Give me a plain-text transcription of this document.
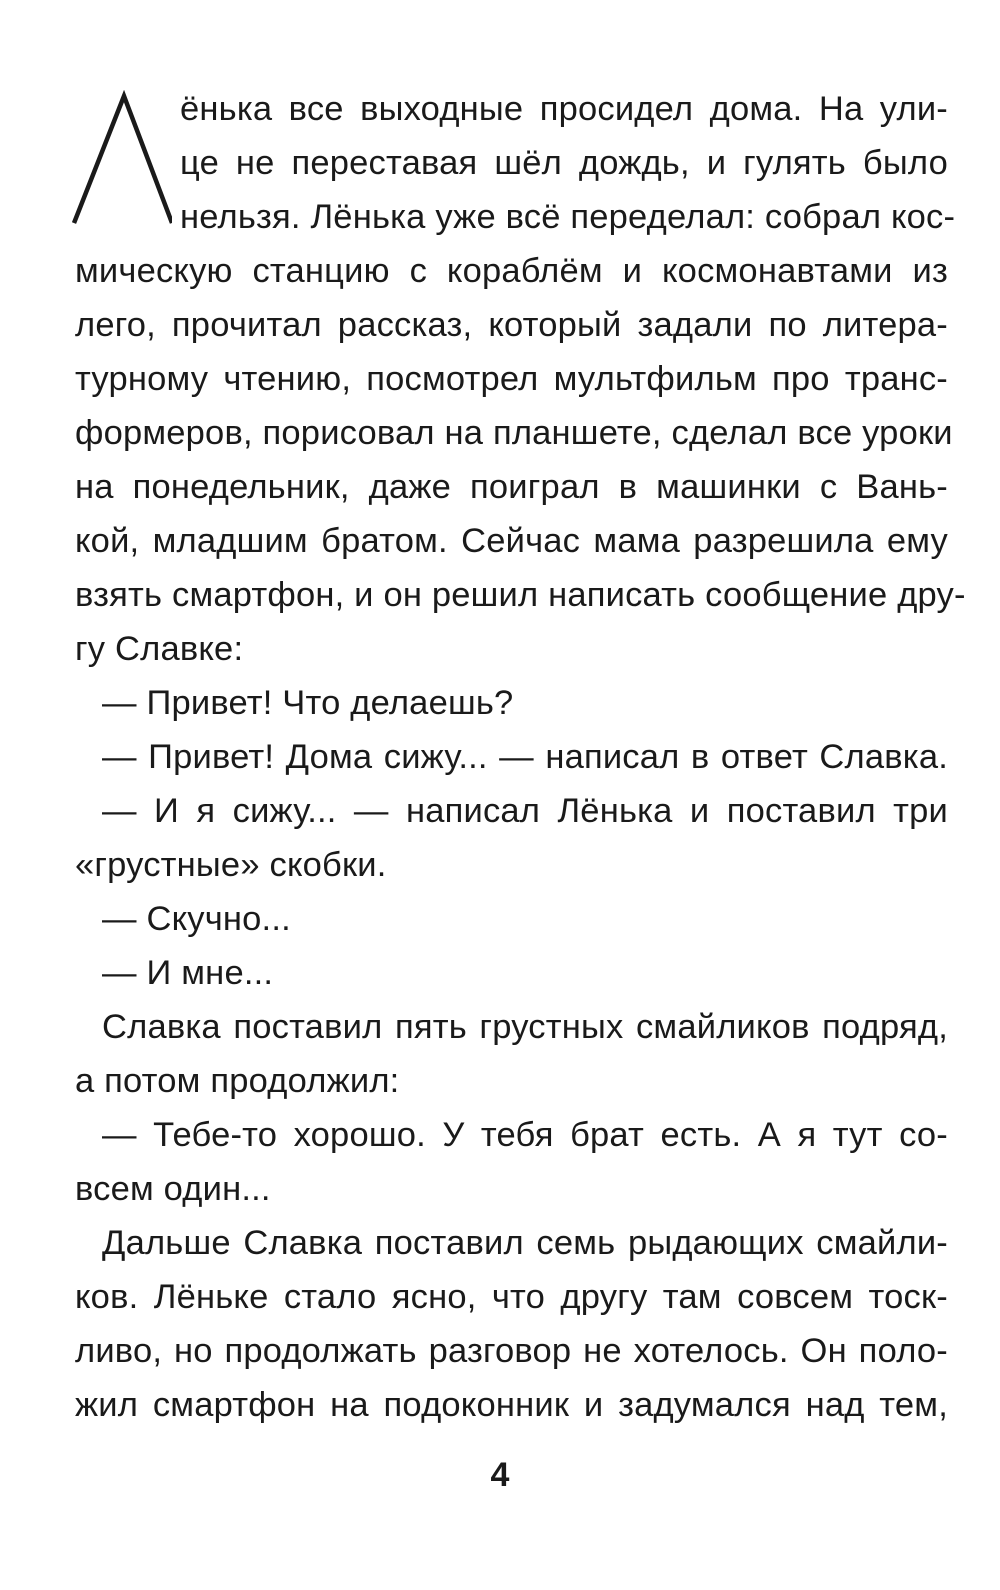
ёнька все выходные просидел дома. На ули-
це не переставая шёл дождь, и гулять было
нельзя. Лёнька уже всё переделал: собрал кос-
мическую станцию с кораблём и космонавтами из
лего, прочитал рассказ, который задали по литера-
турному чтению, посмотрел мультфильм про транс-
формеров, порисовал на планшете, сделал все уроки
на понедельник, даже поиграл в машинки с Вань-
кой, младшим братом. Сейчас мама разрешила ему
взять смартфон, и он решил написать сообщение дру-
гу Славке:
— Привет! Что делаешь?
— Привет! Дома сижу... — написал в ответ Славка.
— И я сижу... — написал Лёнька и поставил три
«грустные» скобки.
— Скучно...
— И мне...
Славка поставил пять грустных смайликов подряд,
а потом продолжил:
— Тебе-то хорошо. У тебя брат есть. А я тут со-
всем один...
Дальше Славка поставил семь рыдающих смайли-
ков. Лёньке стало ясно, что другу там совсем тоск-
ливо, но продолжать разговор не хотелось. Он поло-
жил смартфон на подоконник и задумался над тем,
4
